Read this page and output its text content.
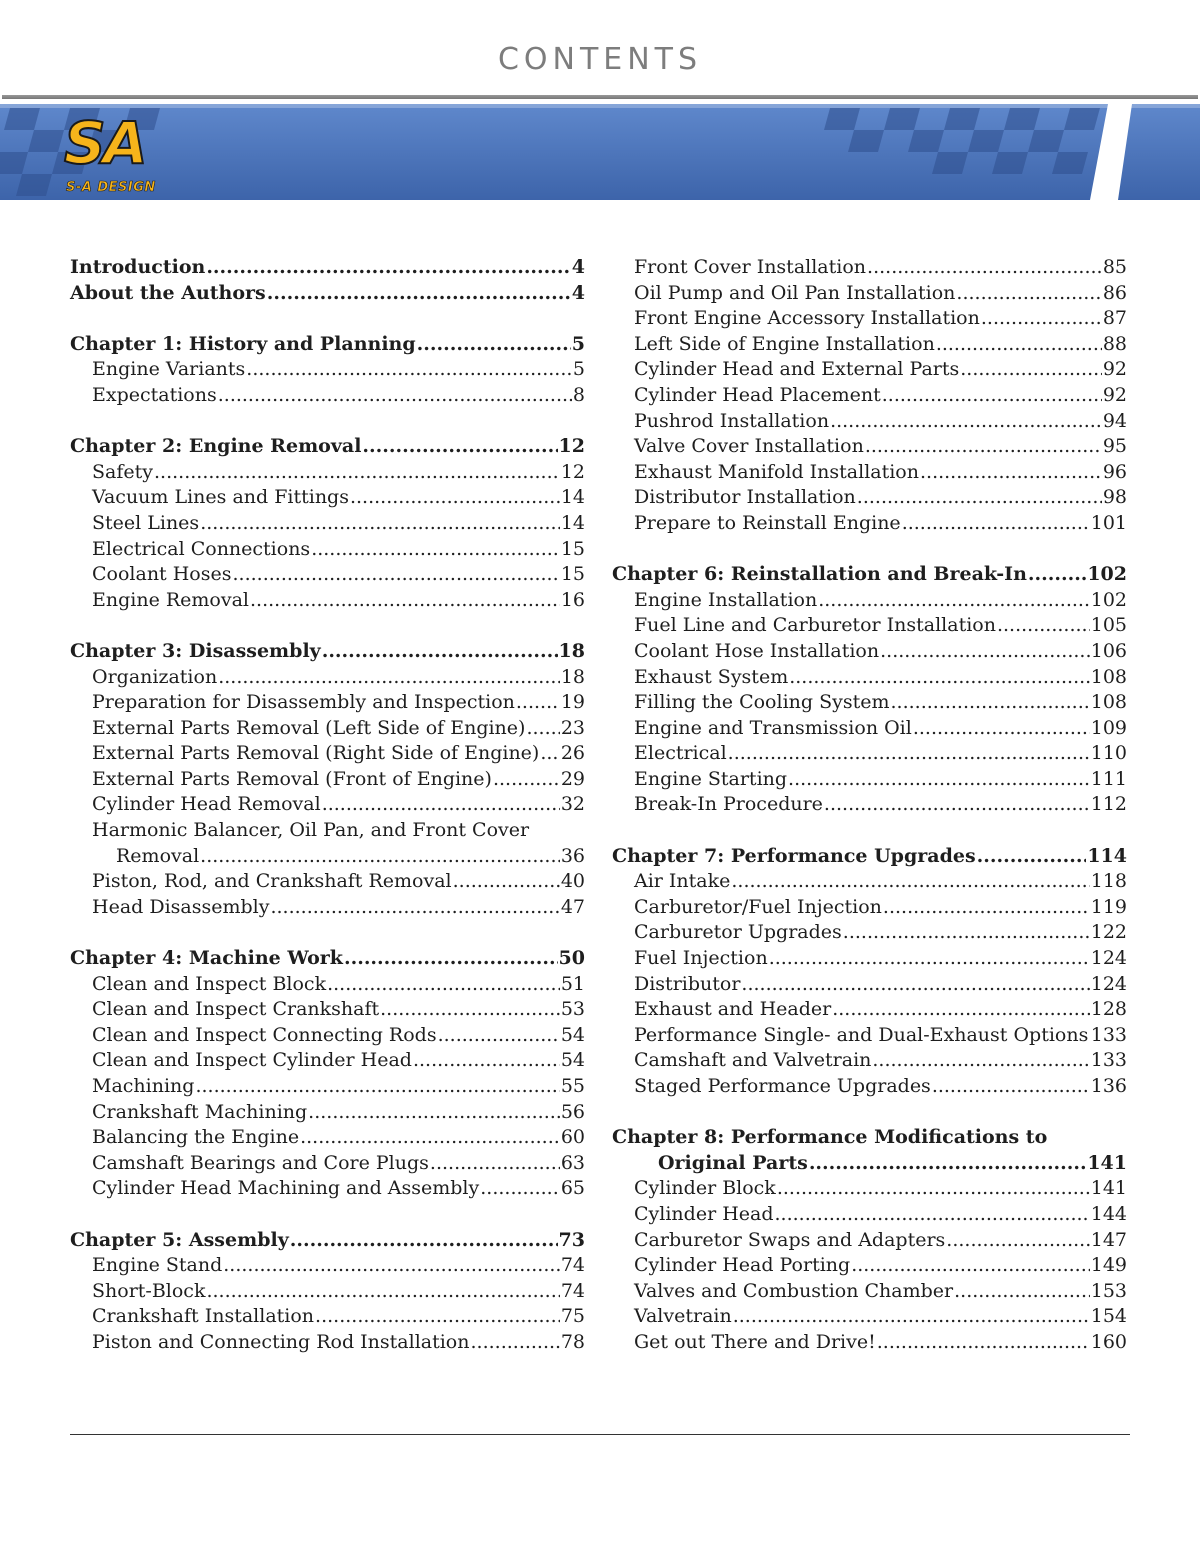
CONTENTS
SA
S-A DESIGN
Introduction .....	4
About the Authors .....	4
Chapter 1: History and Planning .....	5
Engine Variants .....	5
Expectations .....	8
Chapter 2: Engine Removal .....	12
Safety .....	12
Vacuum Lines and Fittings .....	14
Steel Lines .....	14
Electrical Connections .....	15
Coolant Hoses .....	15
Engine Removal .....	16
Chapter 3: Disassembly .....	18
Organization .....	18
Preparation for Disassembly and Inspection ..... 19
External Parts Removal (Left Side of Engine) ..... 23
External Parts Removal (Right Side of Engine) ..... 26
External Parts Removal (Front of Engine) .....	29
Cylinder Head Removal .....	32
Harmonic Balancer, Oil Pan, and Front Cover
Removal .....	36
Piston, Rod, and Crankshaft Removal .....	40
Head Disassembly .....	47
Chapter 4: Machine Work .....	50
Clean and Inspect Block .....	51
Clean and Inspect Crankshaft .....	53
Clean and Inspect Connecting Rods .....	54
Clean and Inspect Cylinder Head .....	54
Machining .....	55
Crankshaft Machining .....	56
Balancing the Engine .....	60
Camshaft Bearings and Core Plugs .....	63
Cylinder Head Machining and Assembly .....	65
Chapter 5: Assembly .....	73
Engine Stand .....	74
Short-Block .....	74
Crankshaft Installation .....	75
Piston and Connecting Rod Installation .....	78
Front Cover Installation .....	85
Oil Pump and Oil Pan Installation .....	86
Front Engine Accessory Installation .....	87
Left Side of Engine Installation .....	88
Cylinder Head and External Parts .....	92
Cylinder Head Placement .....	92
Pushrod Installation .....	94
Valve Cover Installation .....	95
Exhaust Manifold Installation .....	96
Distributor Installation .....	98
Prepare to Reinstall Engine .....	101
Chapter 6: Reinstallation and Break-In .....	102
Engine Installation .....	102
Fuel Line and Carburetor Installation .....	105
Coolant Hose Installation .....	106
Exhaust System .....	108
Filling the Cooling System .....	108
Engine and Transmission Oil .....	109
Electrical .....	110
Engine Starting .....	111
Break-In Procedure .....	112
Chapter 7: Performance Upgrades .....	114
Air Intake .....	118
Carburetor/Fuel Injection .....	119
Carburetor Upgrades .....	122
Fuel Injection .....	124
Distributor .....	124
Exhaust and Header .....	128
Performance Single- and Dual-Exhaust Options ..... 133
Camshaft and Valvetrain .....	133
Staged Performance Upgrades .....	136
Chapter 8: Performance Modifications to
Original Parts .....	141
Cylinder Block .....	141
Cylinder Head .....	144
Carburetor Swaps and Adapters .....	147
Cylinder Head Porting .....	149
Valves and Combustion Chamber .....	153
Valvetrain .....	154
Get out There and Drive! .....	160
